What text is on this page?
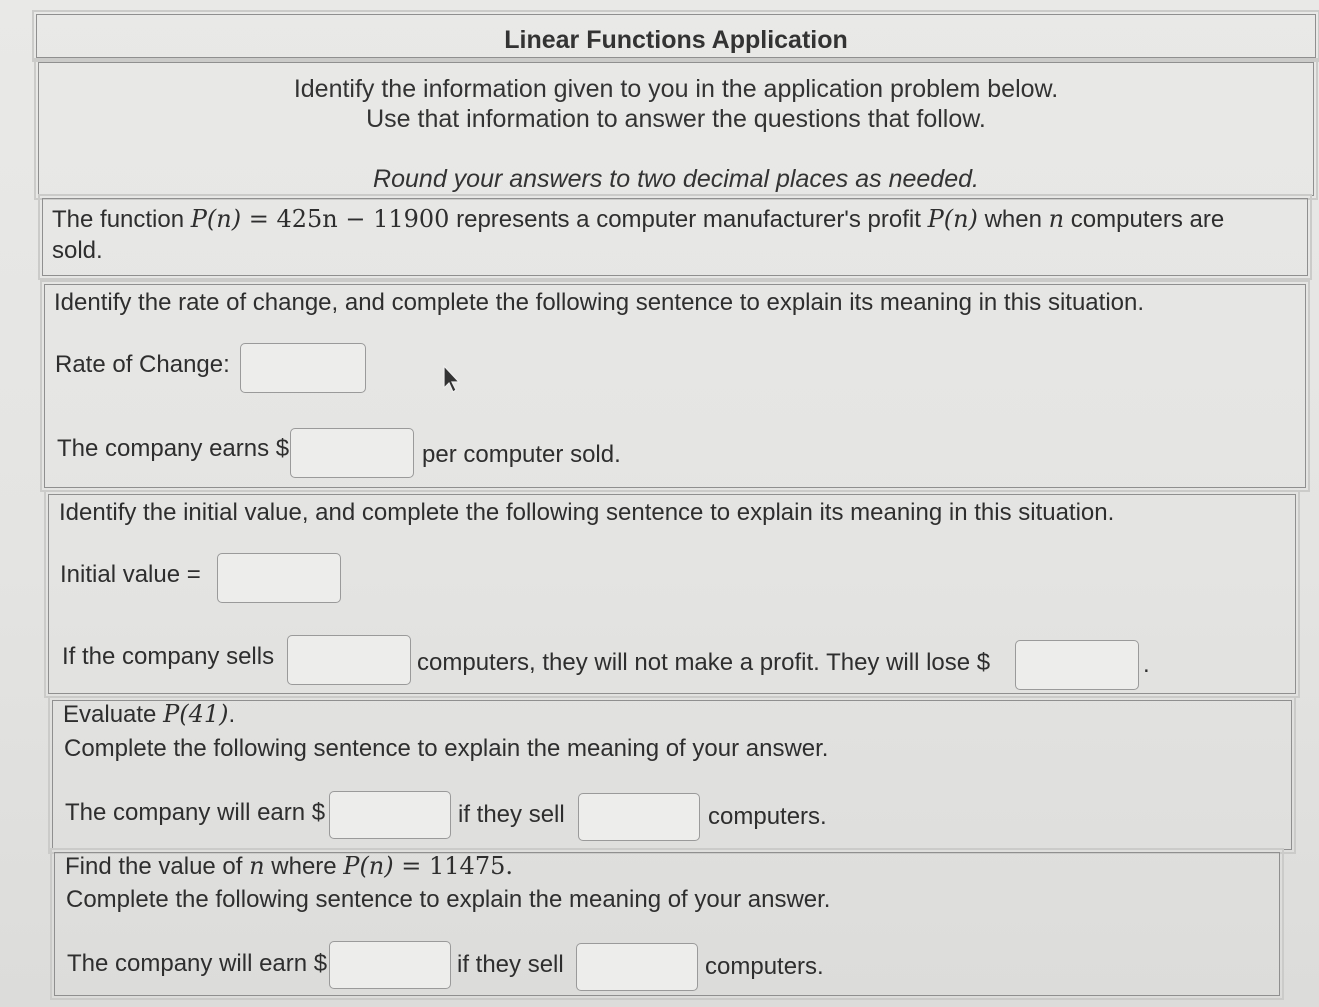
Linear Functions Application
Identify the information given to you in the application problem below.
Use that information to answer the questions that follow.
Round your answers to two decimal places as needed.
The function P(n) = 425n − 11900 represents a computer manufacturer's profit P(n) when n computers are
sold.
Identify the rate of change, and complete the following sentence to explain its meaning in this situation.
Rate of Change:
The company earns $	per computer sold.
Identify the initial value, and complete the following sentence to explain its meaning in this situation.
Initial value =
If the company sells	computers, they will not make a profit. They will lose $	.
Evaluate P(41).
Complete the following sentence to explain the meaning of your answer.
The company will earn $	if they sell	computers.
Find the value of n where P(n) = 11475.
Complete the following sentence to explain the meaning of your answer.
The company will earn $	if they sell	computers.
